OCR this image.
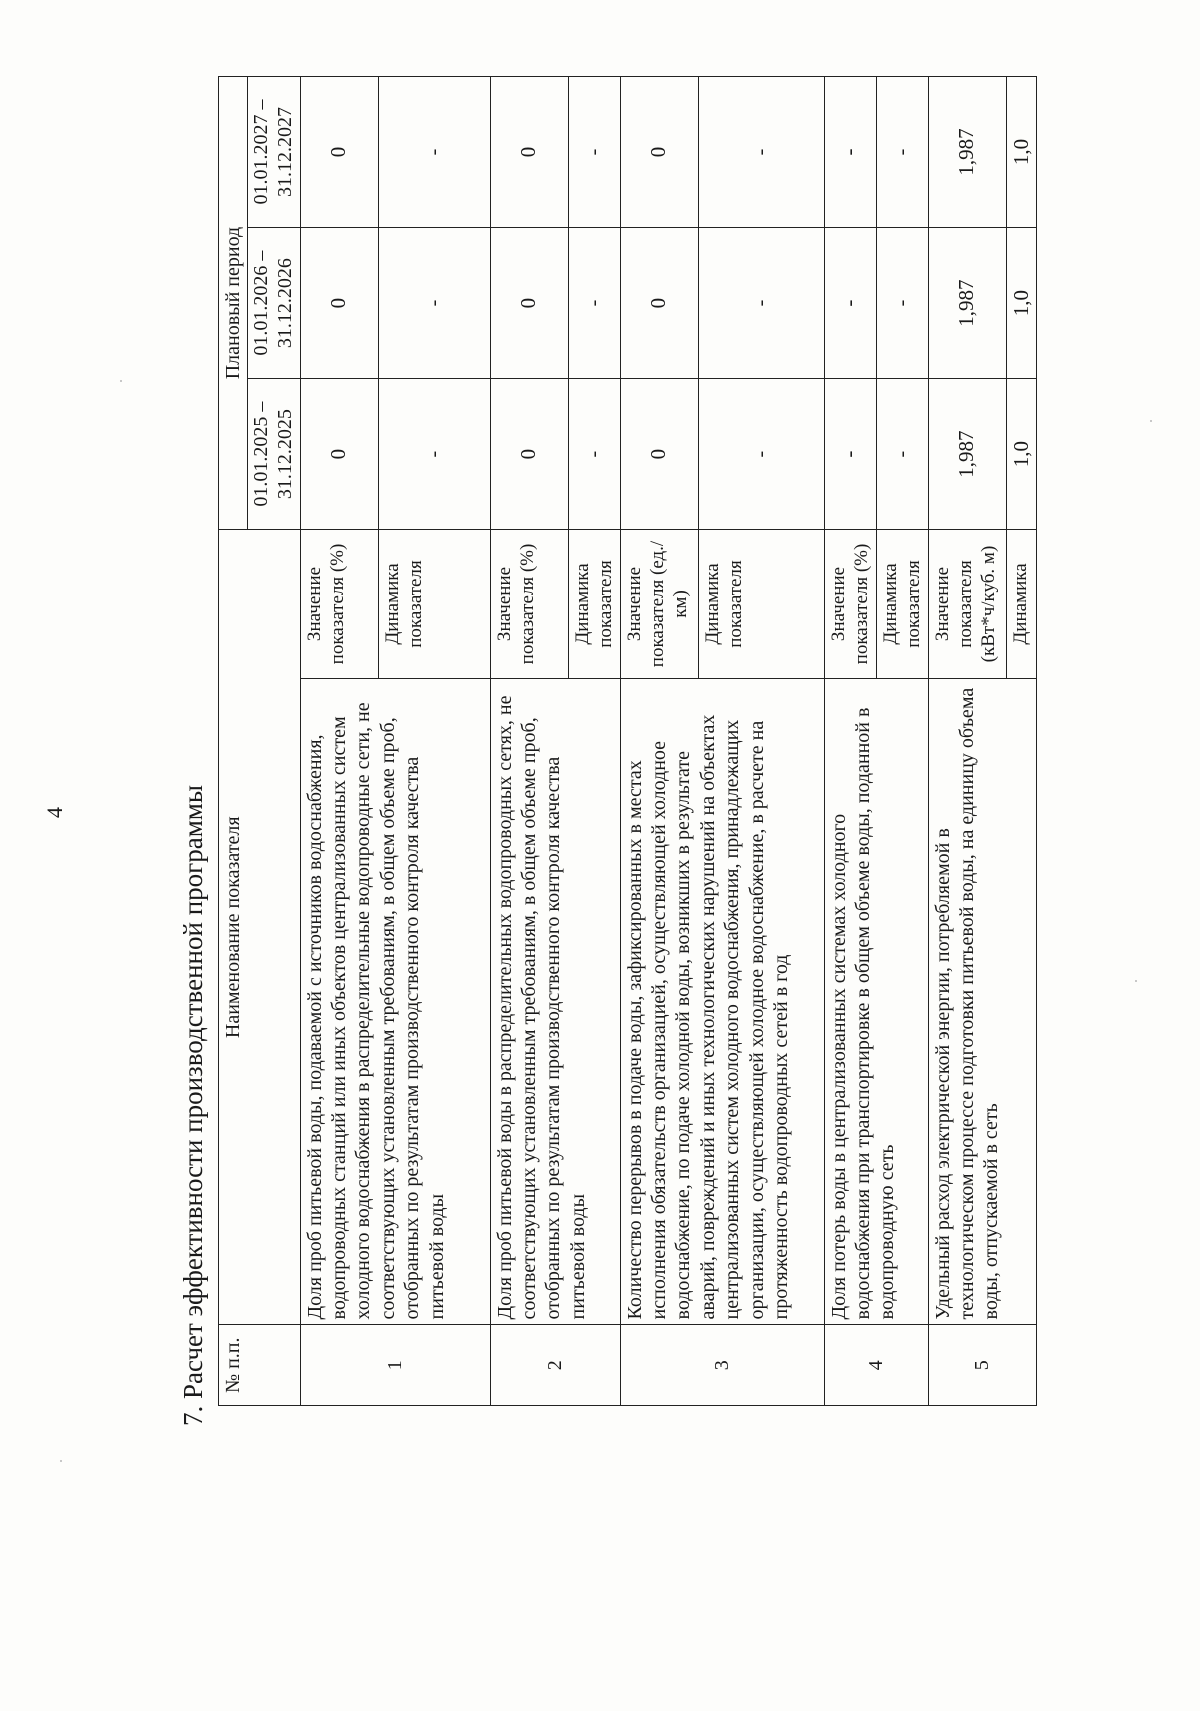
4	7. Расчет эффективности производственной программы № п.п.	Наименование показателя		Плановый период		
			01.01.2025 – 31.12.2025	01.01.2026 – 31.12.2026	01.01.2027 – 31.12.2027
1	Доля проб питьевой воды, подаваемой с источников водоснабжения, водопроводных станций или иных объектов централизованных систем холодного водоснабжения в распределительные водопроводные сети, не соответствующих установленным требованиям, в общем объеме проб, отобранных по результатам производственного контроля качества питьевой воды	Значение показателя (%)	0	0	0
		Динамика показателя	-	-	-
2	Доля проб питьевой воды в распределительных водопроводных сетях, не соответствующих установленным требованиям, в общем объеме проб, отобранных по результатам производственного контроля качества питьевой воды	Значение показателя (%)	0	0	0
		Динамика показателя	-	-	-
3	Количество перерывов в подаче воды, зафиксированных в местах исполнения обязательств организацией, осуществляющей холодное водоснабжение, по подаче холодной воды, возникших в результате аварий, повреждений и иных технологических нарушений на объектах централизованных систем холодного водоснабжения, принадлежащих организации, осуществляющей холодное водоснабжение, в расчете на протяженность водопроводных сетей в год	Значение показателя (ед./км)	0	0	0
		Динамика показателя	-	-	-
4	Доля потерь воды в централизованных системах холодного водоснабжения при транспортировке в общем объеме воды, поданной в водопроводную сеть	Значение показателя (%)	-	-	-
		Динамика показателя	-	-	-
5	Удельный расход электрической энергии, потребляемой в технологическом процессе подготовки питьевой воды, на единицу объема воды, отпускаемой в сеть	Значение показателя (кВт*ч/куб. м)	1,987	1,987	1,987
		Динамика	1,0	1,0	1,0
